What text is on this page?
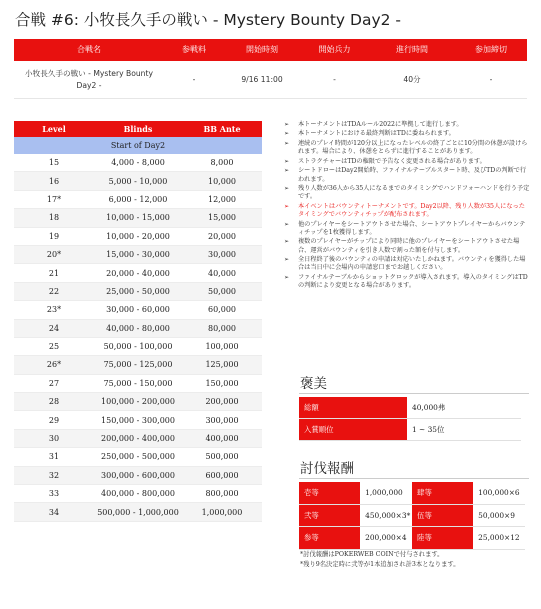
合戦 #6: 小牧長久手の戦い - Mystery Bounty Day2 -
合戦名	参戦料	開始時刻	開始兵力	進行時間	参加締切
小牧長久手の戦い - Mystery Bounty
Day2 -
-	9/16 11:00	-	40分	-
Level	Blinds	BB Ante
Start of Day2		
15	4,000 - 8,000	8,000
16	5,000 - 10,000	10,000
17*	6,000 - 12,000	12,000
18	10,000 - 15,000	15,000
19	10,000 - 20,000	20,000
20*	15,000 - 30,000	30,000
21	20,000 - 40,000	40,000
22	25,000 - 50,000	50,000
23*	30,000 - 60,000	60,000
24	40,000 - 80,000	80,000
25	50,000 - 100,000	100,000
26*	75,000 - 125,000	125,000
27	75,000 - 150,000	150,000
28	100,000 - 200,000	200,000
29	150,000 - 300,000	300,000
30	200,000 - 400,000	400,000
31	250,000 - 500,000	500,000
32	300,000 - 600,000	600,000
33	400,000 - 800,000	800,000
34	500,000 - 1,000,000	1,000,000
➢	本トーナメントはTDAルール2022に準拠して進行します。
➢	本トーナメントにおける最終判断はTDに委ねられます。
➢	連続のプレイ時間が120分以上になったレベルの終了ごとに10分間の休憩が設けられます。場合により、休憩をとらずに進行することがあります。
➢	ストラクチャーはTDの権限で予告なく変更される場合があります。
➢	シートドローはDay2開始時、ファイナルテーブルスタート時、及びTDの判断で行われます。
➢	残り人数が36人から35人になるまでのタイミングでハンドフォーハンドを行う予定です。
➢	本イベントはバウンティトーナメントです。Day2以降、残り人数が35人になったタイミングでバウンティチップが配布されます。
➢	他のプレイヤーをシートアウトさせた場合、シートアウトプレイヤーからバウンティチップを1枚獲得します。
➢	複数のプレイヤーがチップにより同時に他のプレイヤーをシートアウトさせた場合、運営がバウンティを引き人数で割った額を付与します。
➢	全日程終了後のバウンティの申請は対応いたしかねます。バウンティを獲得した場合は当日中に会場内の申請窓口までお越しください。
➢	ファイナルテーブルからショットクロックが導入されます。導入のタイミングはTDの判断により変更となる場合があります。
褒美
総額	40,000弗
入賞順位	1 ~ 35位
討伐報酬
壱等	1,000,000	肆等	100,000×6
弐等	450,000×3*	伍等	50,000×9
参等	200,000×4	陸等	25,000×12
*討伐報酬はPOKERWEB COINで付与されます。
*残り9名決定時に弐等が1本追加され計3本となります。
